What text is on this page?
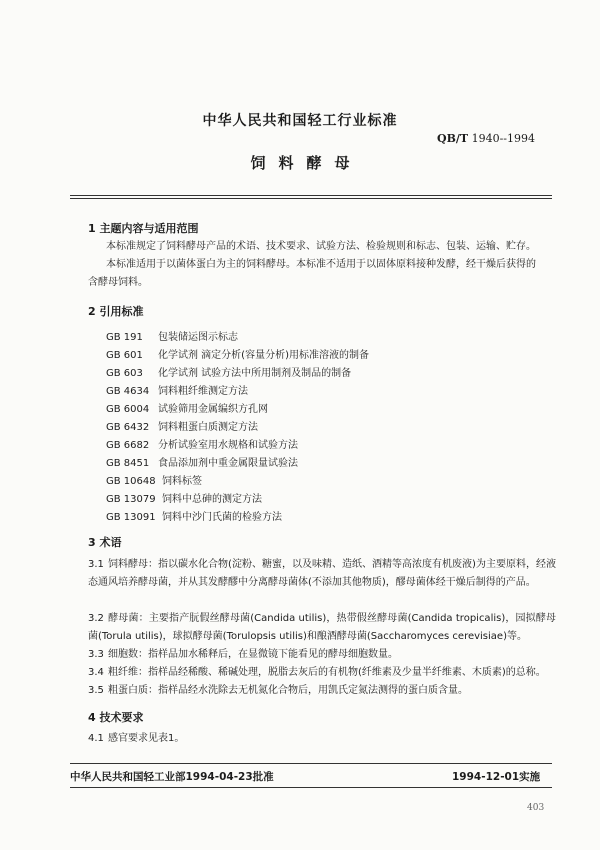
中华人民共和国轻工行业标准
QB/T 1940--1994
饲料酵母
1 主题内容与适用范围
本标准规定了饲料酵母产品的术语、技术要求、试验方法、检验规则和标志、包装、运输、贮存。
本标准适用于以菌体蛋白为主的饲料酵母。本标准不适用于以固体原料接种发酵，经干燥后获得的
含酵母饲料。
2 引用标准
GB 191 包装储运图示标志
GB 601 化学试剂 滴定分析(容量分析)用标准溶液的制备
GB 603 化学试剂 试验方法中所用制剂及制品的制备
GB 4634 饲料粗纤维测定方法
GB 6004 试验筛用金属编织方孔网
GB 6432 饲料粗蛋白质测定方法
GB 6682 分析试验室用水规格和试验方法
GB 8451 食品添加剂中重金属限量试验法
GB 10648 饲料标签
GB 13079 饲料中总砷的测定方法
GB 13091 饲料中沙门氏菌的检验方法
3 术语
3.1 饲料酵母：指以碳水化合物(淀粉、糖蜜，以及味精、造纸、酒精等高浓度有机废液)为主要原料，经液态通风培养酵母菌，并从其发酵醪中分离酵母菌体(不添加其他物质)，醪母菌体经干燥后制得的产品。
3.2 酵母菌：主要指产朊假丝酵母菌(Candida utilis)，热带假丝酵母菌(Candida tropicalis)，园拟酵母菌(Torula utilis)，球拟酵母菌(Torulopsis utilis)和酿酒酵母菌(Saccharomyces cerevisiae)等。
3.3 细胞数：指样品加水稀释后，在显微镜下能看见的酵母细胞数量。
3.4 粗纤维：指样品经稀酸、稀碱处理，脱脂去灰后的有机物(纤维素及少量半纤维素、木质素)的总称。
3.5 粗蛋白质：指样品经水洗除去无机氮化合物后，用凯氏定氮法测得的蛋白质含量。
4 技术要求
4.1 感官要求见表1。
中华人民共和国轻工业部1994-04-23批准	1994-12-01实施
403
